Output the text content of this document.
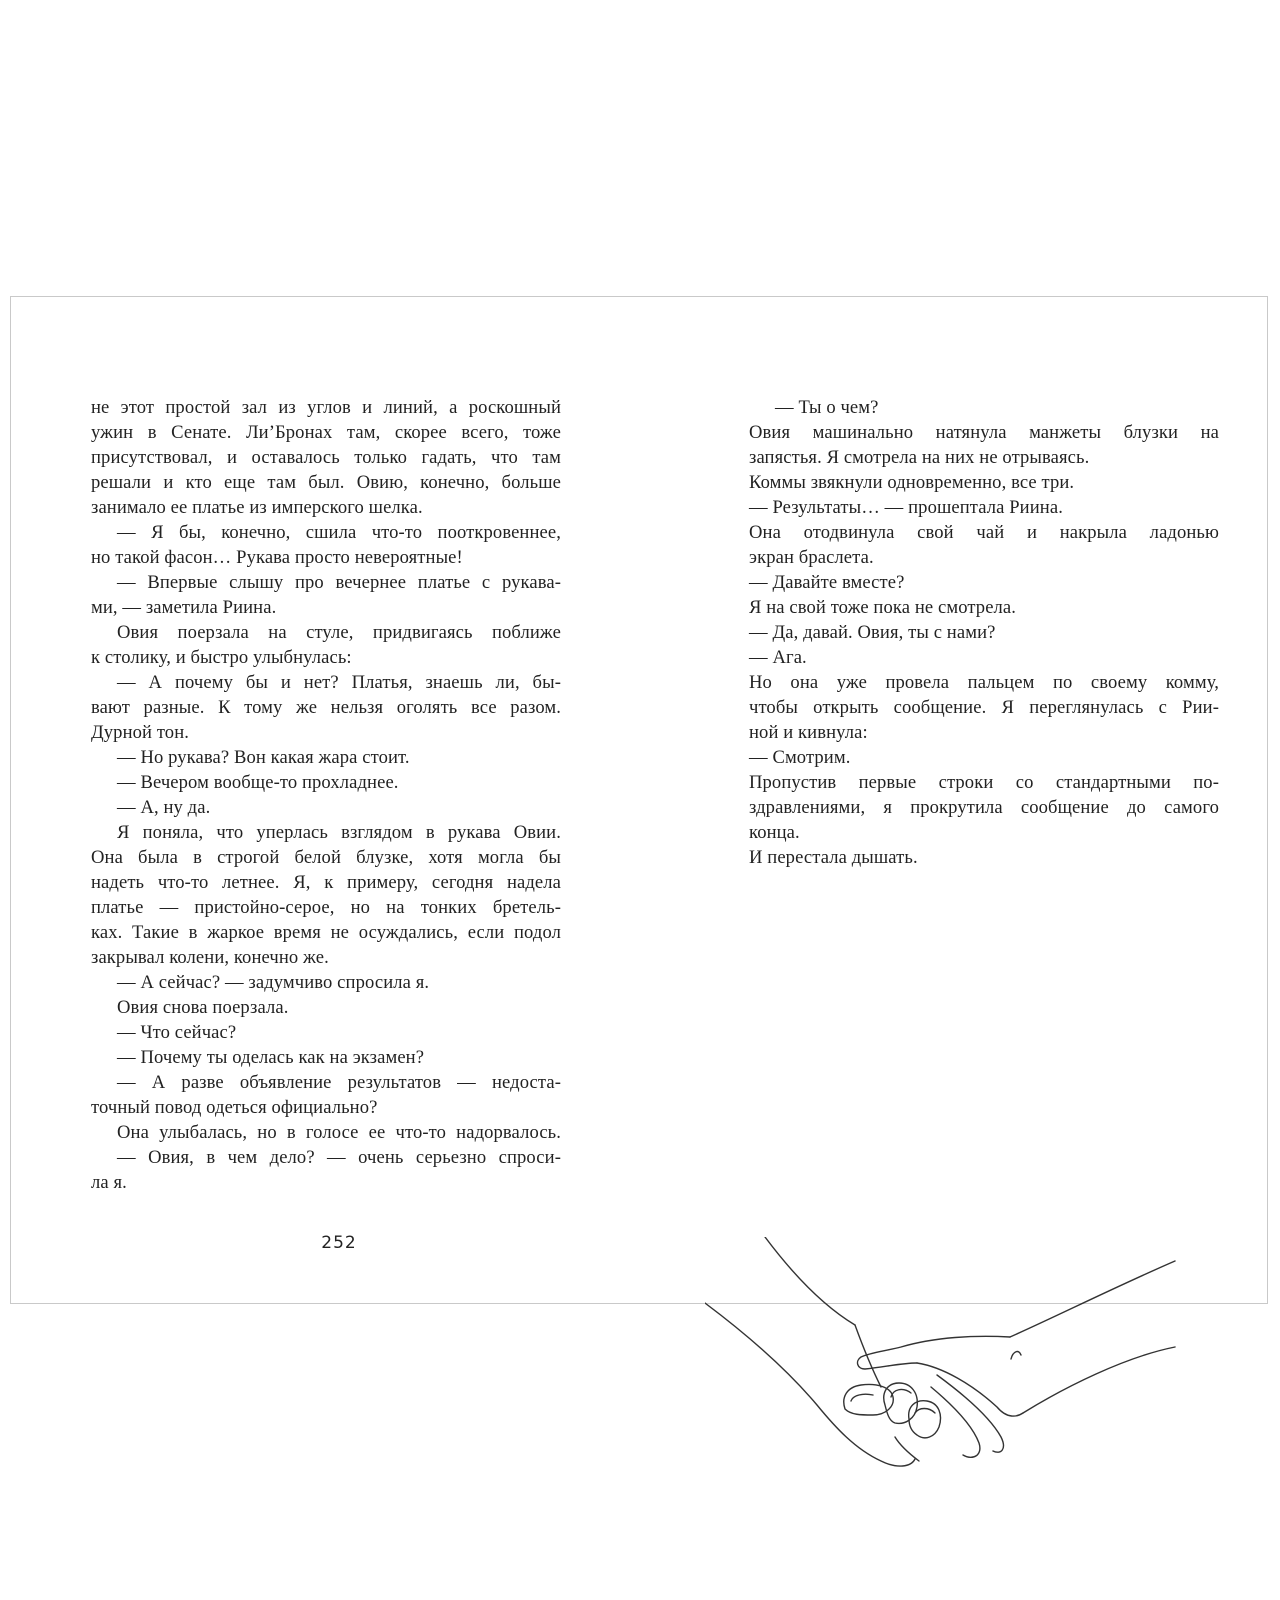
не этот простой зал из углов и линий, а роскошный
ужин в Сенате. Ли’Бронах там, скорее всего, тоже
присутствовал, и оставалось только гадать, что там
решали и кто еще там был. Овию, конечно, больше
занимало ее платье из имперского шелка.
— Я бы, конечно, сшила что-то пооткровеннее,
но такой фасон… Рукава просто невероятные!
— Впервые слышу про вечернее платье с рукава-
ми, — заметила Риина.
Овия поерзала на стуле, придвигаясь поближе
к столику, и быстро улыбнулась:
— А почему бы и нет? Платья, знаешь ли, бы-
вают разные. К тому же нельзя оголять все разом.
Дурной тон.
— Но рукава? Вон какая жара стоит.
— Вечером вообще-то прохладнее.
— А, ну да.
Я поняла, что уперлась взглядом в рукава Овии.
Она была в строгой белой блузке, хотя могла бы
надеть что-то летнее. Я, к примеру, сегодня надела
платье — пристойно-серое, но на тонких бретель-
ках. Такие в жаркое время не осуждались, если подол
закрывал колени, конечно же.
— А сейчас? — задумчиво спросила я.
Овия снова поерзала.
— Что сейчас?
— Почему ты оделась как на экзамен?
— А разве объявление результатов — недоста-
точный повод одеться официально?
Она улыбалась, но в голосе ее что-то надорвалось.
— Овия, в чем дело? — очень серьезно спроси-
ла я.
252
— Ты о чем?
Овия машинально натянула манжеты блузки на
запястья. Я смотрела на них не отрываясь.
Коммы звякнули одновременно, все три.
— Результаты… — прошептала Риина.
Она отодвинула свой чай и накрыла ладонью
экран браслета.
— Давайте вместе?
Я на свой тоже пока не смотрела.
— Да, давай. Овия, ты с нами?
— Ага.
Но она уже провела пальцем по своему комму,
чтобы открыть сообщение. Я переглянулась с Рии-
ной и кивнула:
— Смотрим.
Пропустив первые строки со стандартными по-
здравлениями, я прокрутила сообщение до самого
конца.
И перестала дышать.
